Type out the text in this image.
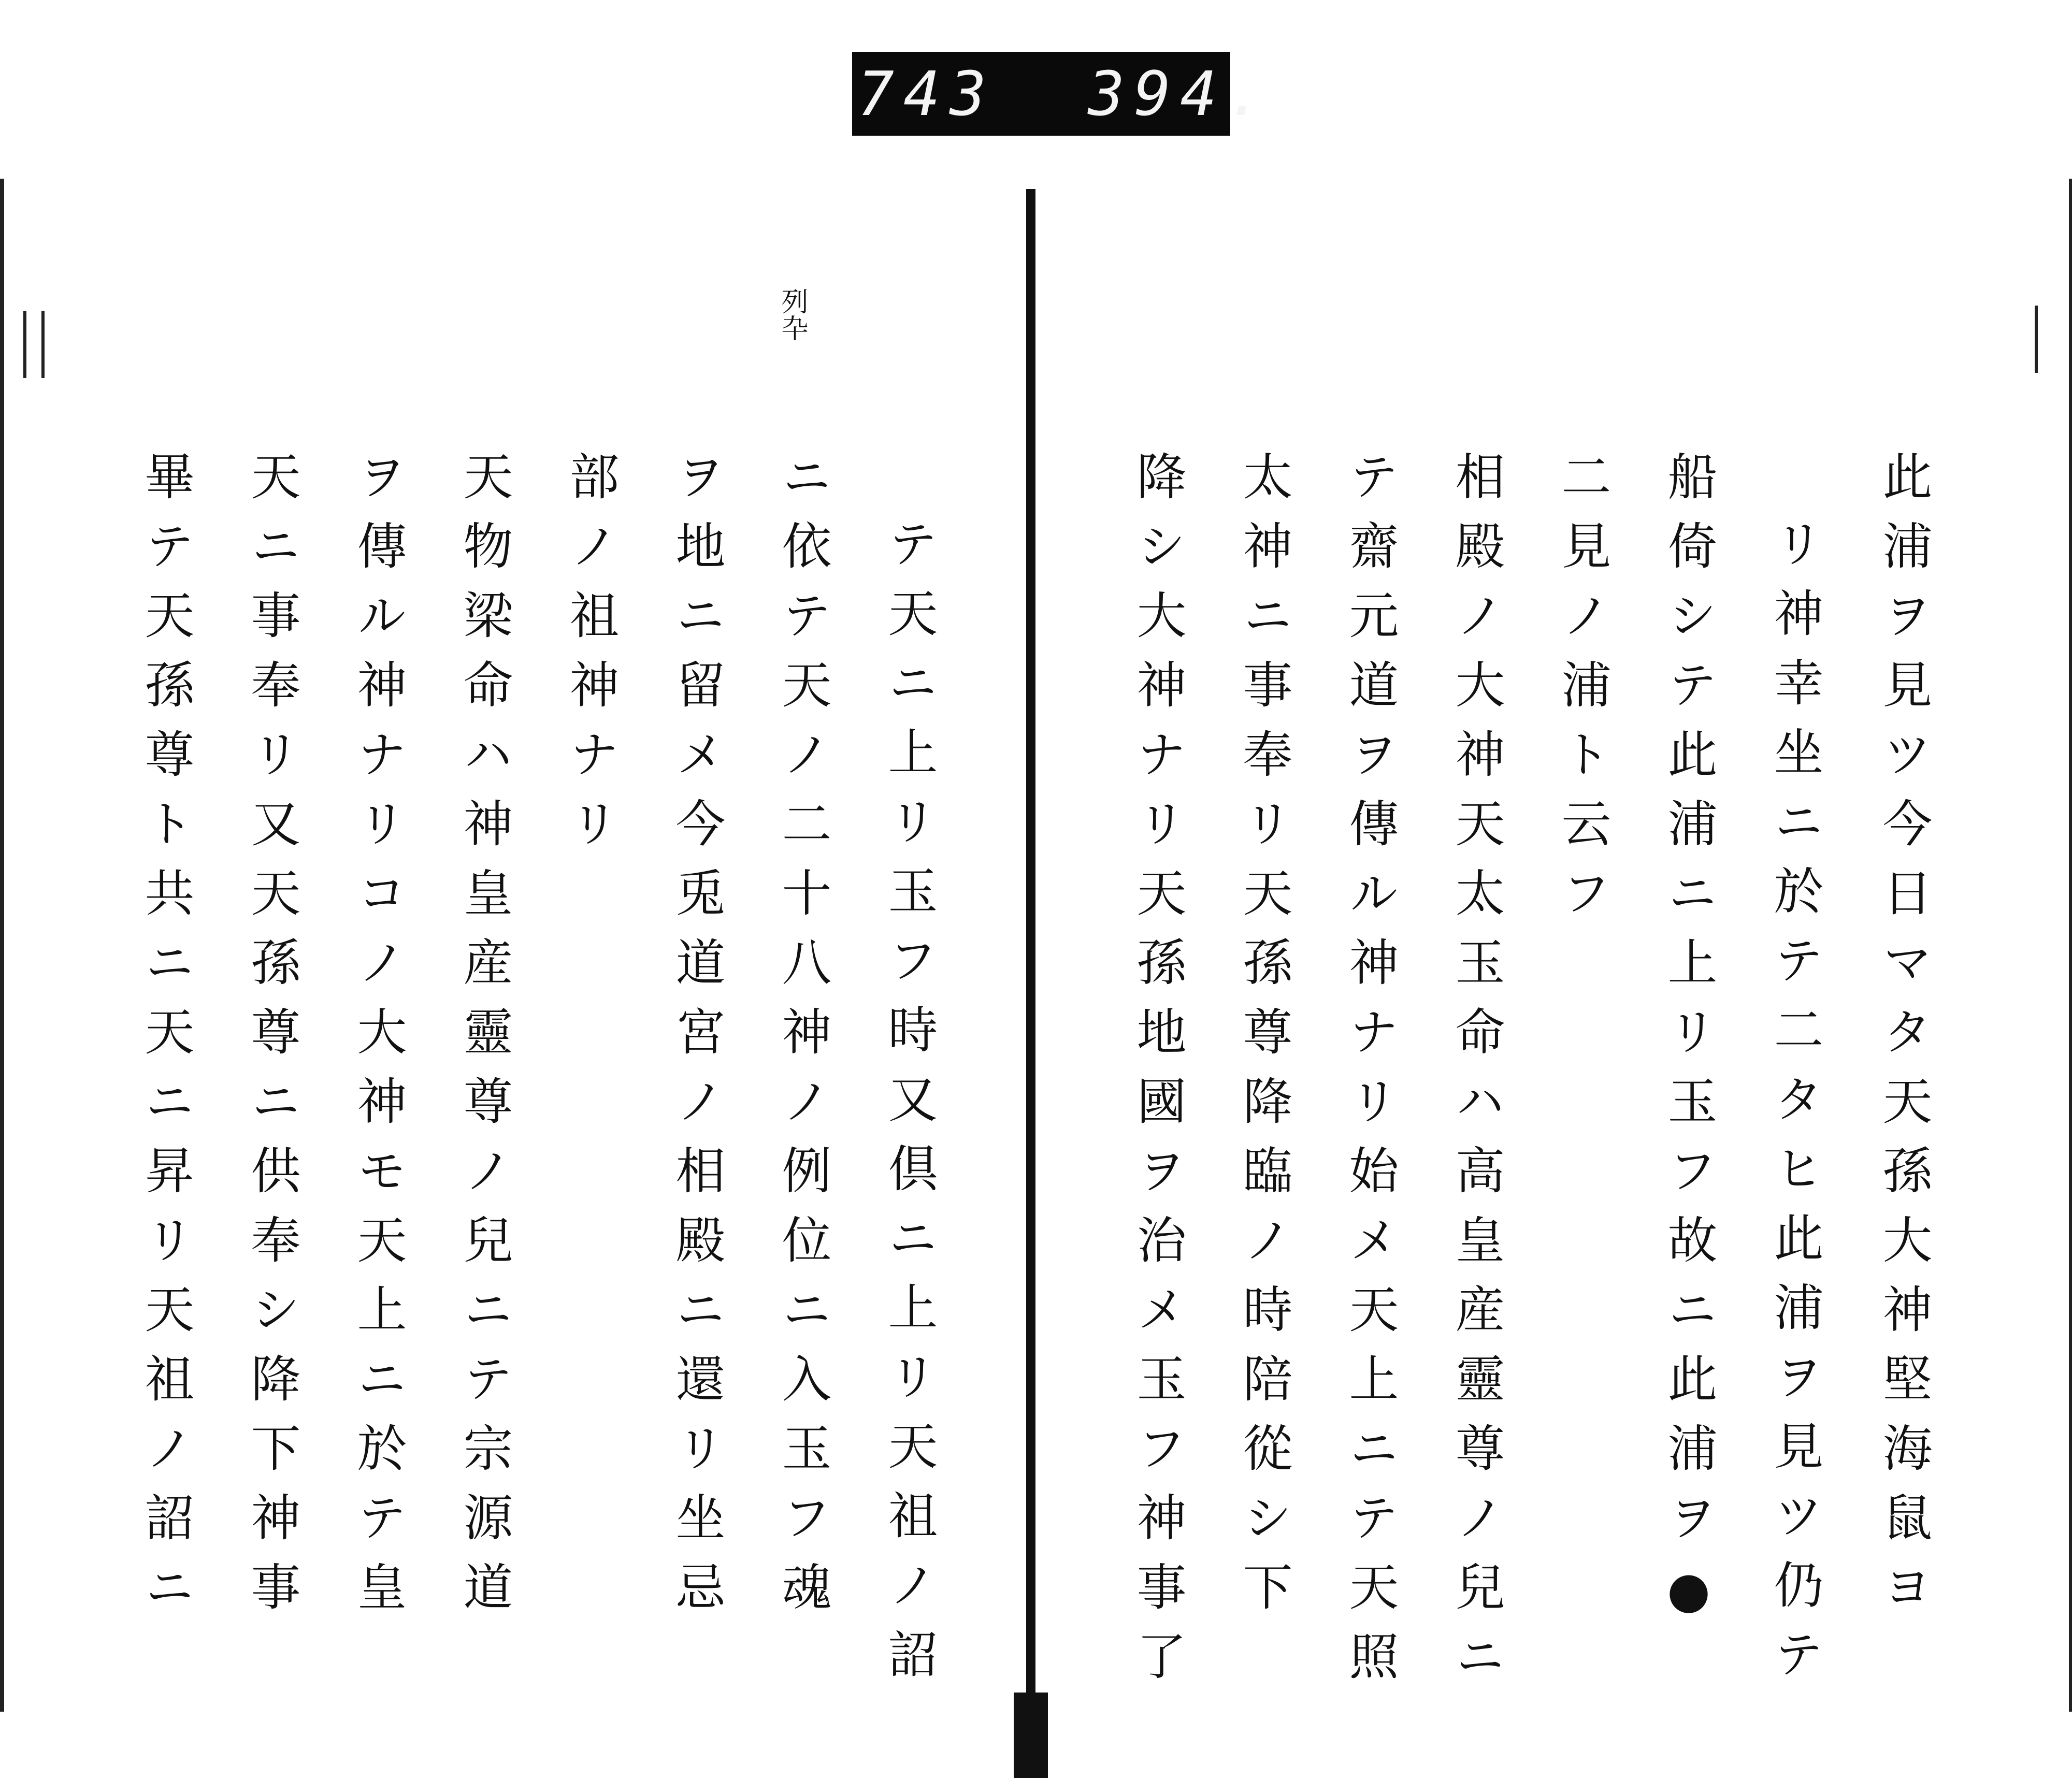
743  394.
列卆
此浦ヲ見ツ今日マタ天孫大神堅海鼠ヨ
リ神幸坐ニ於テ二タヒ此浦ヲ見ツ仍テ
船倚シテ此浦ニ上リ玉フ故ニ此浦ヲ●
二見ノ浦ト云フ
相殿ノ大神天太玉命ハ高皇産靈尊ノ兒ニ
テ齋元道ヲ傳ル神ナリ始メ天上ニテ天照
太神ニ事奉リ天孫尊降臨ノ時陪從シ下
降シ大神ナリ天孫地國ヲ治メ玉フ神事了
テ天ニ上リ玉フ時又倶ニ上リ天祖ノ詔
ニ依テ天ノ二十八神ノ例位ニ入玉フ魂
ヲ地ニ留メ今兎道宮ノ相殿ニ還リ坐忌
部ノ祖神ナリ
天物梁命ハ神皇産靈尊ノ兒ニテ宗源道
ヲ傳ル神ナリコノ大神モ天上ニ於テ皇
天ニ事奉リ又天孫尊ニ供奉シ降下神事
畢テ天孫尊ト共ニ天ニ昇リ天祖ノ詔ニ
